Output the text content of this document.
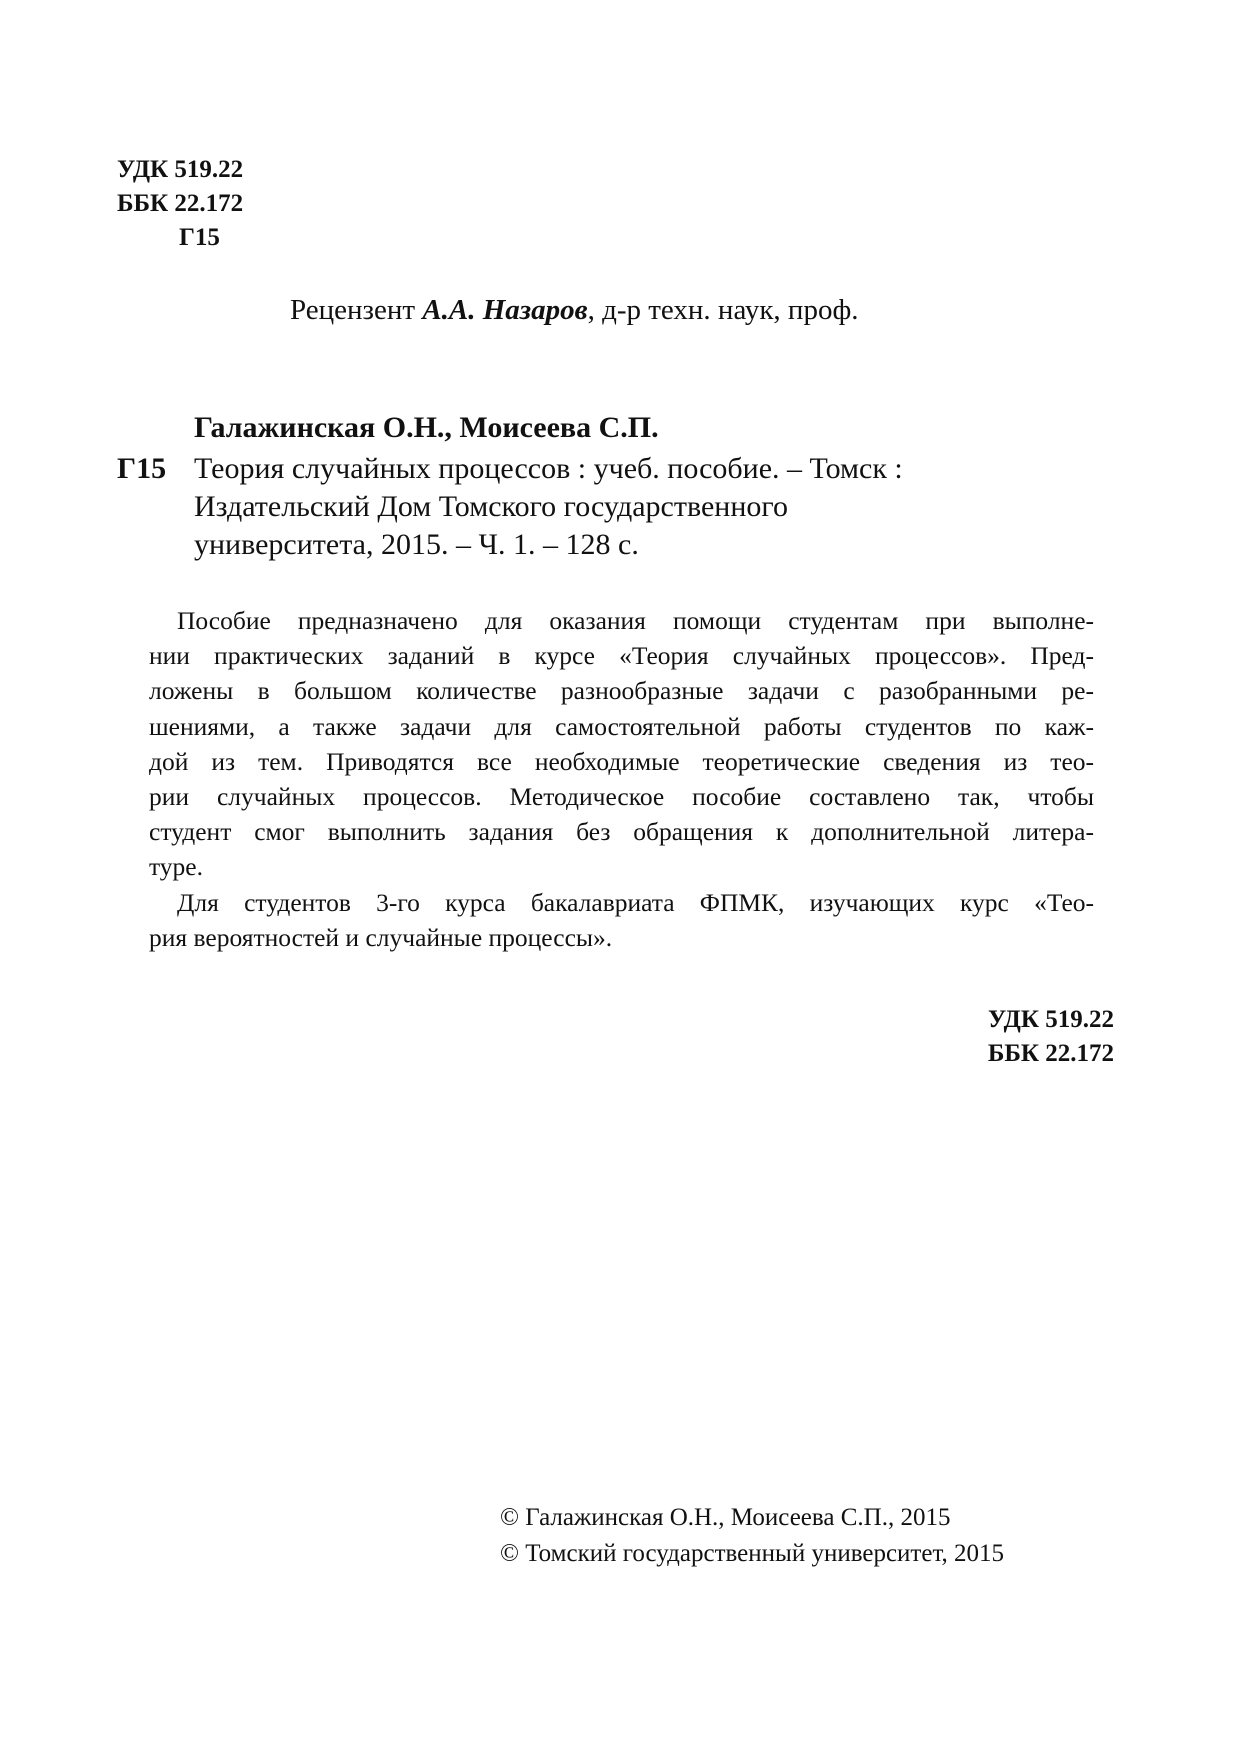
УДК 519.22
ББК 22.172
Г15
Рецензент А.А. Назаров, д-р техн. наук, проф.
Галажинская О.Н., Моисеева С.П.
Г15 Теория случайных процессов : учеб. пособие. – Томск :
Издательский Дом Томского государственного
университета, 2015. – Ч. 1. – 128 с.
Пособие предназначено для оказания помощи студентам при выполне-
нии практических заданий в курсе «Теория случайных процессов». Пред-
ложены в большом количестве разнообразные задачи с разобранными ре-
шениями, а также задачи для самостоятельной работы студентов по каж-
дой из тем. Приводятся все необходимые теоретические сведения из тео-
рии случайных процессов. Методическое пособие составлено так, чтобы
студент смог выполнить задания без обращения к дополнительной литера-
туре.
Для студентов 3-го курса бакалавриата ФПМК, изучающих курс «Тео-
рия вероятностей и случайные процессы».
УДК 519.22
ББК 22.172
© Галажинская О.Н., Моисеева С.П., 2015
© Томский государственный университет, 2015
